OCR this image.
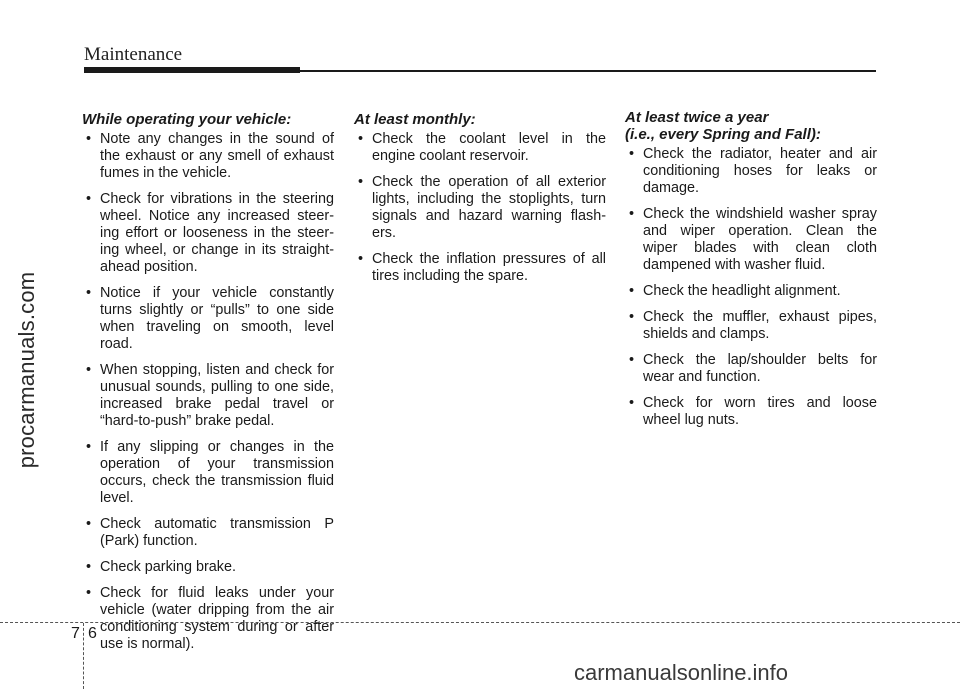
Maintenance
procarmanuals.com
While operating your vehicle:
• Note any changes in the sound of the exhaust or any smell of exhaust fumes in the vehicle.
• Check for vibrations in the steering wheel. Notice any increased steer-ing effort or looseness in the steer-ing wheel, or change in its straight-ahead position.
• Notice if your vehicle constantly turns slightly or “pulls” to one side when traveling on smooth, level road.
• When stopping, listen and check for unusual sounds, pulling to one side, increased brake pedal travel or “hard-to-push” brake pedal.
• If any slipping or changes in the operation of your transmission occurs, check the transmission fluid level.
• Check automatic transmission P (Park) function.
• Check parking brake.
• Check for fluid leaks under your vehicle (water dripping from the air conditioning system during or after use is normal).
At least monthly:
• Check the coolant level in the engine coolant reservoir.
• Check the operation of all exterior lights, including the stoplights, turn signals and hazard warning flash-ers.
• Check the inflation pressures of all tires including the spare.
At least twice a year
(i.e., every Spring and Fall):
• Check the radiator, heater and air conditioning hoses for leaks or damage.
• Check the windshield washer spray and wiper operation. Clean the wiper blades with clean cloth dampened with washer fluid.
• Check the headlight alignment.
• Check the muffler, exhaust pipes, shields and clamps.
• Check the lap/shoulder belts for wear and function.
• Check for worn tires and loose wheel lug nuts.
7 6
carmanualsonline.info
